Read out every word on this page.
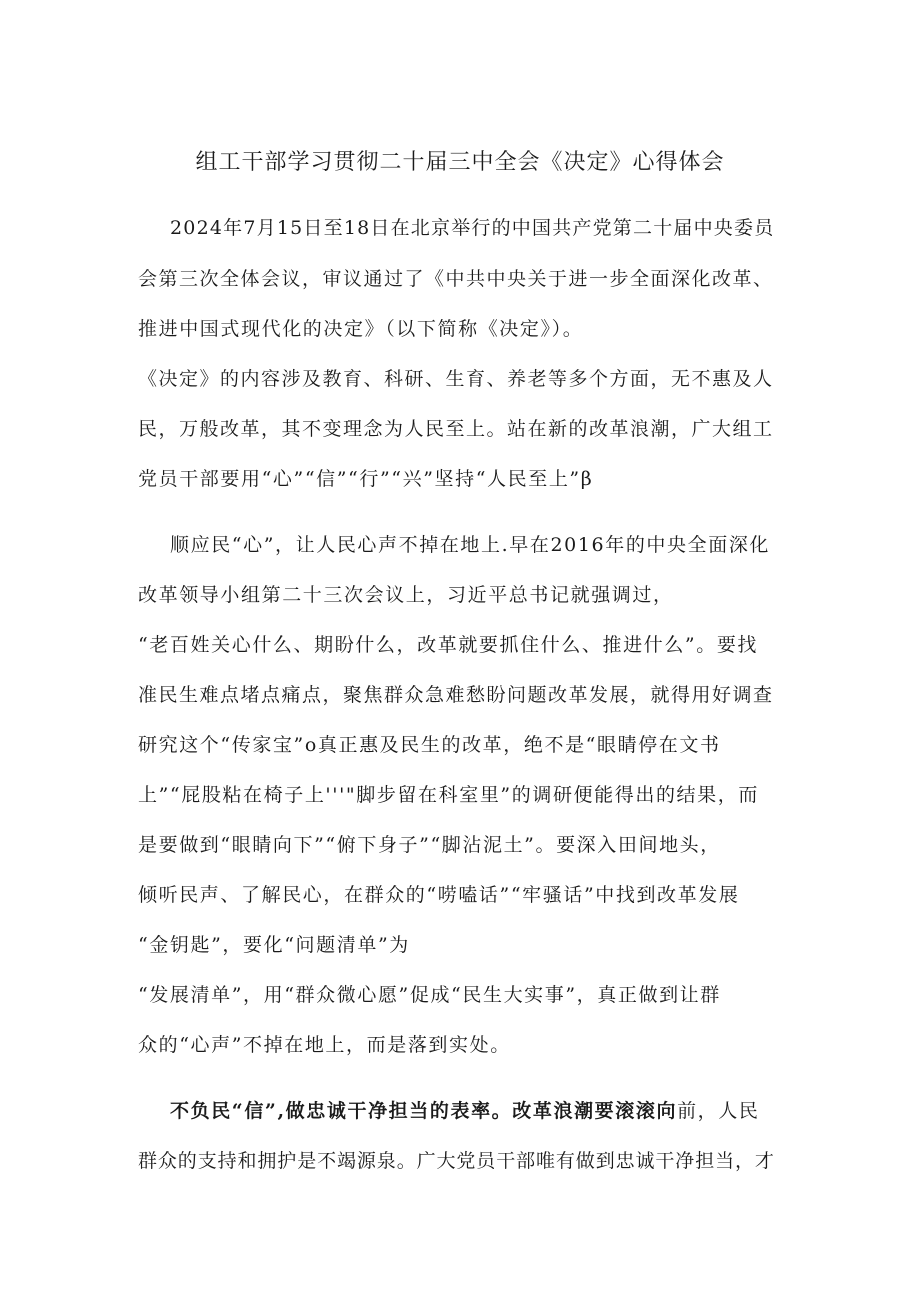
组工干部学习贯彻二十届三中全会《决定》心得体会
2024年7月15日至18日在北京举行的中国共产党第二十届中央委员
会第三次全体会议，审议通过了《中共中央关于进一步全面深化改革、
推进中国式现代化的决定》（以下简称《决定》）。
《决定》的内容涉及教育、科研、生育、养老等多个方面，无不惠及人
民，万般改革，其不变理念为人民至上。站在新的改革浪潮，广大组工
党员干部要用“心”“信”“行”“兴”坚持“人民至上”β
顺应民“心”，让人民心声不掉在地上.早在2016年的中央全面深化
改革领导小组第二十三次会议上，习近平总书记就强调过，
“老百姓关心什么、期盼什么，改革就要抓住什么、推进什么”。要找
准民生难点堵点痛点，聚焦群众急难愁盼问题改革发展，就得用好调查
研究这个“传家宝”o真正惠及民生的改革，绝不是“眼睛停在文书
上”“屁股粘在椅子上'''"脚步留在科室里”的调研便能得出的结果，而
是要做到“眼睛向下”“俯下身子”“脚沾泥土”。要深入田间地头，
倾听民声、了解民心，在群众的“唠嗑话”“牢骚话”中找到改革发展
“金钥匙”，要化“问题清单”为
“发展清单”，用“群众微心愿”促成“民生大实事”，真正做到让群
众的“心声”不掉在地上，而是落到实处。
不负民“信”,做忠诚干净担当的表率。改革浪潮要滚滚向前，人民
群众的支持和拥护是不竭源泉。广大党员干部唯有做到忠诚干净担当，才
